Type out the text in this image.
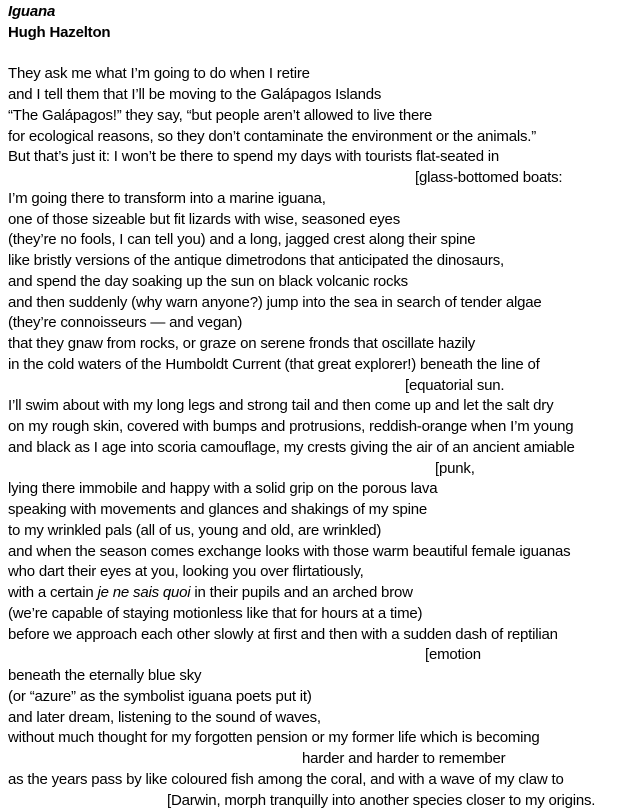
Iguana
Hugh Hazelton
They ask me what I’m going to do when I retire
and I tell them that I’ll be moving to the Galápagos Islands
“The Galápagos!” they say, “but people aren’t allowed to live there
for ecological reasons, so they don’t contaminate the environment or the animals.”
But that’s just it: I won’t be there to spend my days with tourists flat-seated in
[glass-bottomed boats:
I’m going there to transform into a marine iguana,
one of those sizeable but fit lizards with wise, seasoned eyes
(they’re no fools, I can tell you) and a long, jagged crest along their spine
like bristly versions of the antique dimetrodons that anticipated the dinosaurs,
and spend the day soaking up the sun on black volcanic rocks
and then suddenly (why warn anyone?) jump into the sea in search of tender algae
(they’re connoisseurs — and vegan)
that they gnaw from rocks, or graze on serene fronds that oscillate hazily
in the cold waters of the Humboldt Current (that great explorer!) beneath the line of
[equatorial sun.
I’ll swim about with my long legs and strong tail and then come up and let the salt dry
on my rough skin, covered with bumps and protrusions, reddish-orange when I’m young
and black as I age into scoria camouflage, my crests giving the air of an ancient amiable
[punk,
lying there immobile and happy with a solid grip on the porous lava
speaking with movements and glances and shakings of my spine
to my wrinkled pals (all of us, young and old, are wrinkled)
and when the season comes exchange looks with those warm beautiful female iguanas
who dart their eyes at you, looking you over flirtatiously,
with a certain je ne sais quoi in their pupils and an arched brow
(we’re capable of staying motionless like that for hours at a time)
before we approach each other slowly at first and then with a sudden dash of reptilian
[emotion
beneath the eternally blue sky
(or “azure” as the symbolist iguana poets put it)
and later dream, listening to the sound of waves,
without much thought for my forgotten pension or my former life which is becoming
harder and harder to remember
as the years pass by like coloured fish among the coral, and with a wave of my claw to
[Darwin, morph tranquilly into another species closer to my origins.
